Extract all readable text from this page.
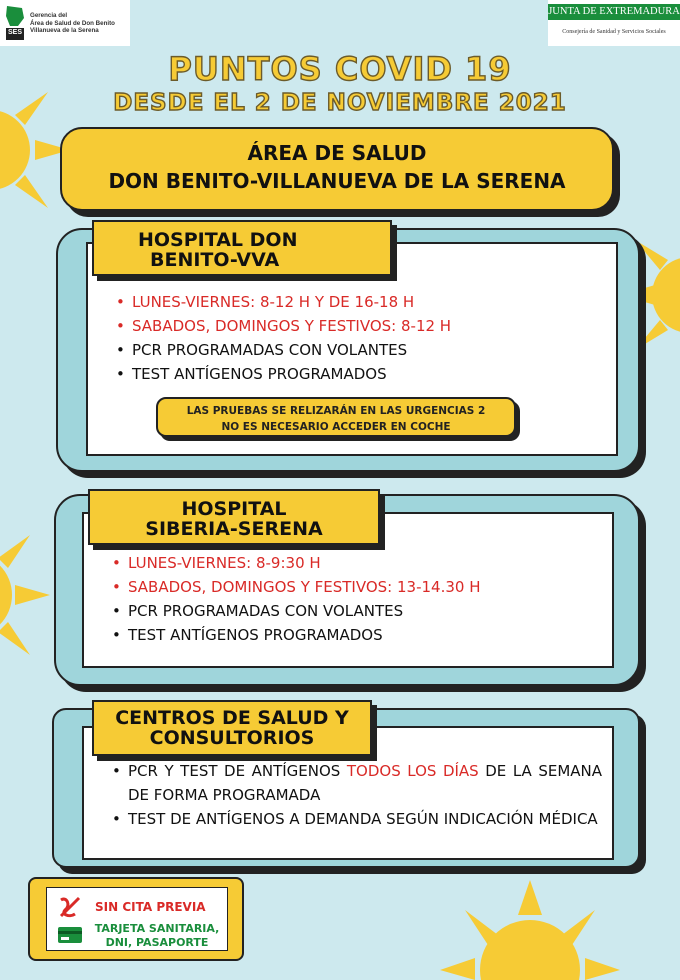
SES
Gerencia del
Área de Salud de Don Benito
Villanueva de la Serena
JUNTA DE EXTREMADURA
Consejería de Sanidad y Servicios Sociales
PUNTOS COVID 19
DESDE EL 2 DE NOVIEMBRE 2021
ÁREA DE SALUD
DON BENITO-VILLANUEVA DE LA SERENA
HOSPITAL DON
BENITO-VVA
• LUNES-VIERNES: 8-12 H Y DE 16-18 H
• SABADOS, DOMINGOS Y FESTIVOS: 8-12 H
• PCR PROGRAMADAS CON VOLANTES
• TEST ANTÍGENOS PROGRAMADOS
LAS PRUEBAS SE RELIZARÁN EN LAS URGENCIAS 2
NO ES NECESARIO ACCEDER EN COCHE
HOSPITAL
SIBERIA-SERENA
• LUNES-VIERNES: 8-9:30 H
• SABADOS, DOMINGOS Y FESTIVOS: 13-14.30 H
• PCR PROGRAMADAS CON VOLANTES
• TEST ANTÍGENOS PROGRAMADOS
CENTROS DE SALUD Y
CONSULTORIOS
• PCR Y TEST DE ANTÍGENOS TODOS LOS DÍAS DE LA SEMANA DE FORMA PROGRAMADA
• TEST DE ANTÍGENOS A DEMANDA SEGÚN INDICACIÓN MÉDICA
SIN CITA PREVIA
TARJETA SANITARIA,
DNI, PASAPORTE
